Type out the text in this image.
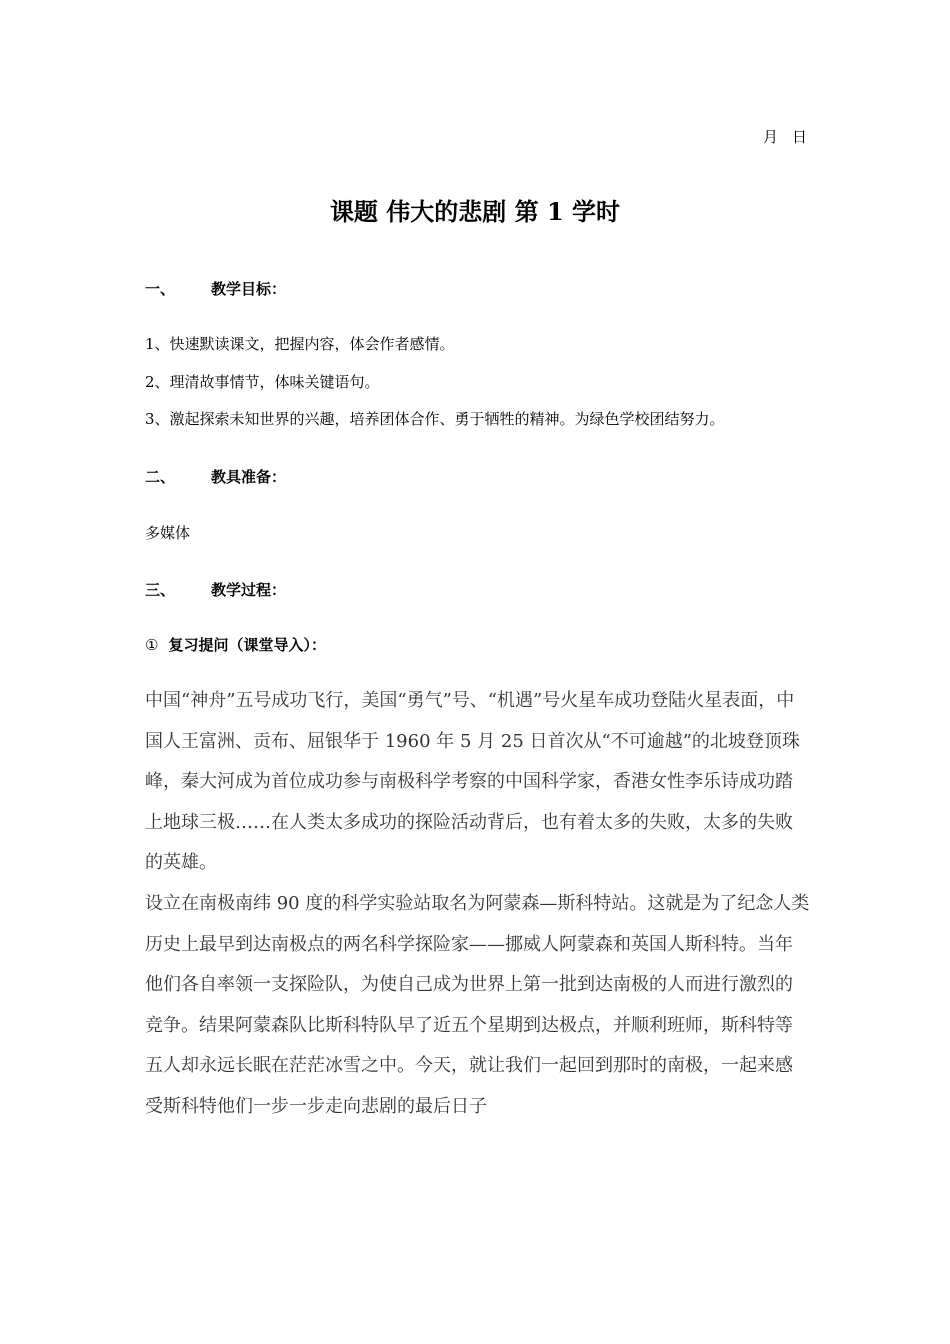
月 日
课题 伟大的悲剧 第 1 学时
一、 教学目标：
1、快速默读课文，把握内容，体会作者感情。
2、理清故事情节，体味关键语句。
3、激起探索未知世界的兴趣，培养团体合作、勇于牺牲的精神。为绿色学校团结努力。
二、 教具准备：
多媒体
三、 教学过程：
① 复习提问（课堂导入）：
中国“神舟”五号成功飞行，美国“勇气”号、“机遇”号火星车成功登陆火星表面，中国人王富洲、贡布、屈银华于 1960 年 5 月 25 日首次从“不可逾越”的北坡登顶珠峰，秦大河成为首位成功参与南极科学考察的中国科学家，香港女性李乐诗成功踏上地球三极……在人类太多成功的探险活动背后，也有着太多的失败，太多的失败的英雄。
设立在南极南纬 90 度的科学实验站取名为阿蒙森—斯科特站。这就是为了纪念人类历史上最早到达南极点的两名科学探险家——挪威人阿蒙森和英国人斯科特。当年他们各自率领一支探险队，为使自己成为世界上第一批到达南极的人而进行激烈的竞争。结果阿蒙森队比斯科特队早了近五个星期到达极点，并顺利班师，斯科特等五人却永远长眠在茫茫冰雪之中。今天，就让我们一起回到那时的南极，一起来感受斯科特他们一步一步走向悲剧的最后日子
